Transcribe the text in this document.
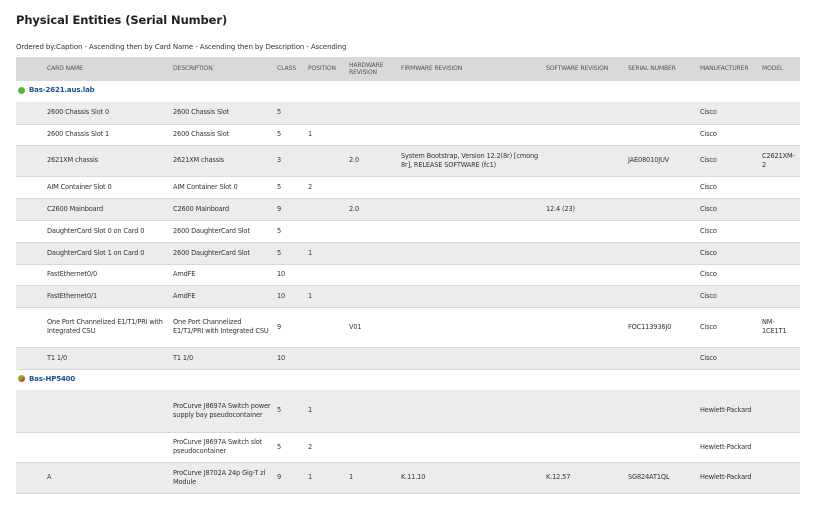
Physical Entities (Serial Number)
Ordered by:Caption - Ascending then by Card Name - Ascending then by Description - Ascending
CARD NAME	DESCRIPTION	CLASS	POSITION	HARDWARE REVISION	FIRMWARE REVISION	SOFTWARE REVISION	SERIAL NUMBER	MANUFACTURER	MODEL

Bas-2621.aus.lab									

2600 Chassis Slot 0	2600 Chassis Slot	5						Cisco	
2600 Chassis Slot 1	2600 Chassis Slot	5	1					Cisco	
2621XM chassis	2621XM chassis	3		2.0	System Bootstrap, Version 12.2(8r) [cmong 8r], RELEASE SOFTWARE (fc1)		JAE08010JUV	Cisco	C2621XM-2
AIM Container Slot 0	AIM Container Slot 0	5	2					Cisco	
C2600 Mainboard	C2600 Mainboard	9		2.0		12.4 (23)		Cisco	
DaughterCard Slot 0 on Card 0	2600 DaughterCard Slot	5						Cisco	
DaughterCard Slot 1 on Card 0	2600 DaughterCard Slot	5	1					Cisco	
FastEthernet0/0	AmdFE	10						Cisco	
FastEthernet0/1	AmdFE	10	1					Cisco	
One Port Channelized E1/T1/PRI with Integrated CSU	One Port Channelized E1/T1/PRI with Integrated CSU	9		V01			FOC113936J0	Cisco	NM-1CE1T1
T1 1/0	T1 1/0	10						Cisco	

Bas-HP5400									

	ProCurve J8697A Switch power supply bay pseudocontainer	5	1					Hewlett-Packard	
	ProCurve J8697A Switch slot pseudocontainer	5	2					Hewlett-Packard	
A	ProCurve J8702A 24p Gig-T zl Module	9	1	1	K.11.10	K.12.57	SG824AT1QL	Hewlett-Packard	
